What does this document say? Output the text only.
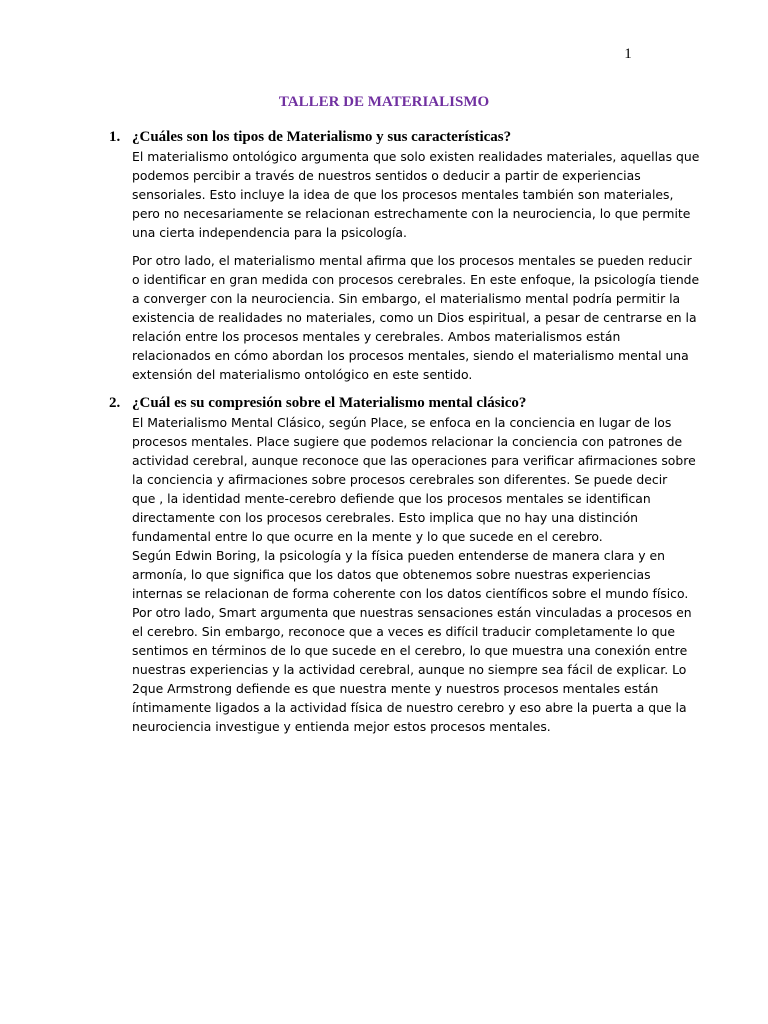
1
TALLER DE MATERIALISMO
1. ¿Cuáles son los tipos de Materialismo y sus características?
El materialismo ontológico argumenta que solo existen realidades materiales, aquellas que
podemos percibir a través de nuestros sentidos o deducir a partir de experiencias
sensoriales. Esto incluye la idea de que los procesos mentales también son materiales,
pero no necesariamente se relacionan estrechamente con la neurociencia, lo que permite
una cierta independencia para la psicología.
Por otro lado, el materialismo mental afirma que los procesos mentales se pueden reducir
o identificar en gran medida con procesos cerebrales. En este enfoque, la psicología tiende
a converger con la neurociencia. Sin embargo, el materialismo mental podría permitir la
existencia de realidades no materiales, como un Dios espiritual, a pesar de centrarse en la
relación entre los procesos mentales y cerebrales. Ambos materialismos están
relacionados en cómo abordan los procesos mentales, siendo el materialismo mental una
extensión del materialismo ontológico en este sentido.
2. ¿Cuál es su compresión sobre el Materialismo mental clásico?
El Materialismo Mental Clásico, según Place, se enfoca en la conciencia en lugar de los
procesos mentales. Place sugiere que podemos relacionar la conciencia con patrones de
actividad cerebral, aunque reconoce que las operaciones para verificar afirmaciones sobre
la conciencia y afirmaciones sobre procesos cerebrales son diferentes. Se puede decir
que , la identidad mente-cerebro defiende que los procesos mentales se identifican
directamente con los procesos cerebrales. Esto implica que no hay una distinción
fundamental entre lo que ocurre en la mente y lo que sucede en el cerebro.
Según Edwin Boring, la psicología y la física pueden entenderse de manera clara y en
armonía, lo que significa que los datos que obtenemos sobre nuestras experiencias
internas se relacionan de forma coherente con los datos científicos sobre el mundo físico.
Por otro lado, Smart argumenta que nuestras sensaciones están vinculadas a procesos en
el cerebro. Sin embargo, reconoce que a veces es difícil traducir completamente lo que
sentimos en términos de lo que sucede en el cerebro, lo que muestra una conexión entre
nuestras experiencias y la actividad cerebral, aunque no siempre sea fácil de explicar. Lo
2que Armstrong defiende es que nuestra mente y nuestros procesos mentales están
íntimamente ligados a la actividad física de nuestro cerebro y eso abre la puerta a que la
neurociencia investigue y entienda mejor estos procesos mentales.
